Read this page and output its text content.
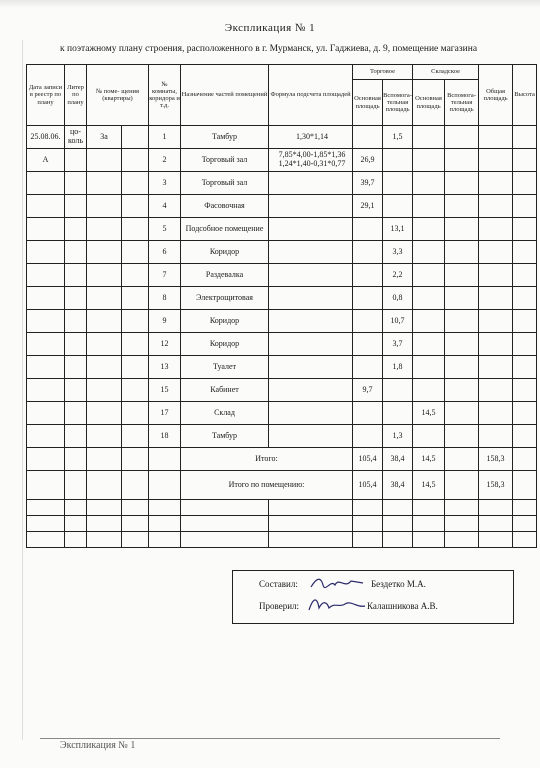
Экспликация № 1
к поэтажному плану строения, расположенного в г. Мурманск, ул. Гаджиева, д. 9, помещение магазина
Дата записи в реестр по плану	Литер по плану	№ поме- щения (квартиры)		№ комнаты, коридора и т.д.	Назначение частей помещений	Формула подсчета площадей	Торговое		Складское		Общая площадь	Высота
							Основная площадь	Вспомога- тельная площадь	Основная площадь	Вспомога- тельная площадь		
25.08.06.	цо- коль	3а		1	Тамбур	1,30*1,14		1,5				
А				2	Торговый зал	7,85*4,00-1,85*1,36 1,24*1,40-0,31*0,77	26,9					
				3	Торговый зал		39,7					
				4	Фасовочная		29,1					
				5	Подсобное помещение			13,1				
				6	Коридор			3,3				
				7	Раздевалка			2,2				
				8	Электрощитовая			0,8				
				9	Коридор			10,7				
				12	Коридор			3,7				
				13	Туалет			1,8				
				15	Кабинет		9,7					
				17	Склад				14,5			
				18	Тамбур			1,3				
					Итого:		105,4	38,4	14,5		158,3	
					Итого по помещению:		105,4	38,4	14,5		158,3	

Составил:	Бездетко М.А.
Проверил:	Калашникова А.В.
Экспликация № 1
